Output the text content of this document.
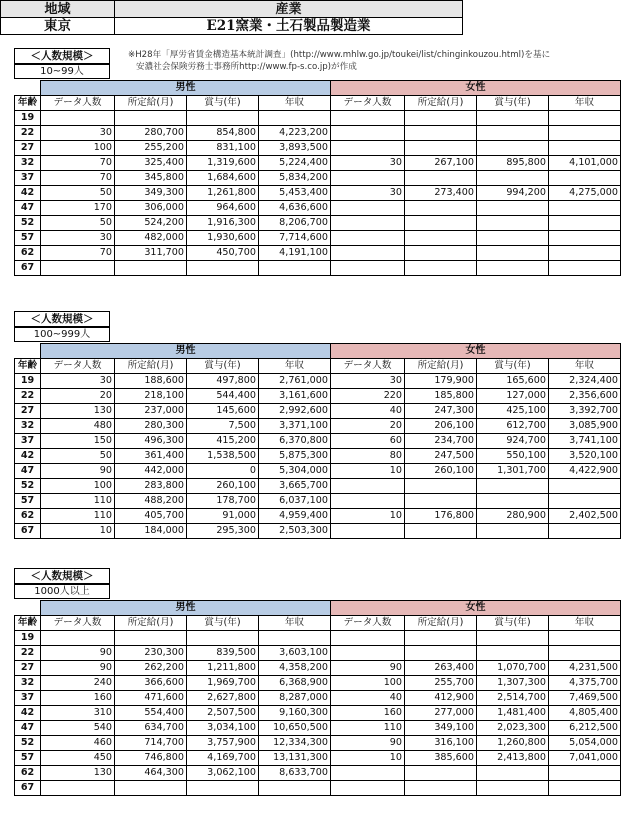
地域	産業
東京	E21窯業・土石製品製造業
※H28年「厚労省賃金構造基本統計調査」(http://www.mhlw.go.jp/toukei/list/chinginkouzou.html)を基に
安濃社会保険労務士事務所http://www.fp-s.co.jp)が作成
＜人数規模＞
10~99人
	男性				女性			
年齢	データ人数	所定給(月)	賞与(年)	年収	データ人数	所定給(月)	賞与(年)	年収
19								
22	30	280,700	854,800	4,223,200				
27	100	255,200	831,100	3,893,500				
32	70	325,400	1,319,600	5,224,400	30	267,100	895,800	4,101,000
37	70	345,800	1,684,600	5,834,200				
42	50	349,300	1,261,800	5,453,400	30	273,400	994,200	4,275,000
47	170	306,000	964,600	4,636,600				
52	50	524,200	1,916,300	8,206,700				
57	30	482,000	1,930,600	7,714,600				
62	70	311,700	450,700	4,191,100				
67								
＜人数規模＞
100~999人
	男性				女性			
年齢	データ人数	所定給(月)	賞与(年)	年収	データ人数	所定給(月)	賞与(年)	年収
19	30	188,600	497,800	2,761,000	30	179,900	165,600	2,324,400
22	20	218,100	544,400	3,161,600	220	185,800	127,000	2,356,600
27	130	237,000	145,600	2,992,600	40	247,300	425,100	3,392,700
32	480	280,300	7,500	3,371,100	20	206,100	612,700	3,085,900
37	150	496,300	415,200	6,370,800	60	234,700	924,700	3,741,100
42	50	361,400	1,538,500	5,875,300	80	247,500	550,100	3,520,100
47	90	442,000	0	5,304,000	10	260,100	1,301,700	4,422,900
52	100	283,800	260,100	3,665,700				
57	110	488,200	178,700	6,037,100				
62	110	405,700	91,000	4,959,400	10	176,800	280,900	2,402,500
67	10	184,000	295,300	2,503,300				
＜人数規模＞
1000人以上
	男性				女性			
年齢	データ人数	所定給(月)	賞与(年)	年収	データ人数	所定給(月)	賞与(年)	年収
19								
22	90	230,300	839,500	3,603,100				
27	90	262,200	1,211,800	4,358,200	90	263,400	1,070,700	4,231,500
32	240	366,600	1,969,700	6,368,900	100	255,700	1,307,300	4,375,700
37	160	471,600	2,627,800	8,287,000	40	412,900	2,514,700	7,469,500
42	310	554,400	2,507,500	9,160,300	160	277,000	1,481,400	4,805,400
47	540	634,700	3,034,100	10,650,500	110	349,100	2,023,300	6,212,500
52	460	714,700	3,757,900	12,334,300	90	316,100	1,260,800	5,054,000
57	450	746,800	4,169,700	13,131,300	10	385,600	2,413,800	7,041,000
62	130	464,300	3,062,100	8,633,700				
67								
